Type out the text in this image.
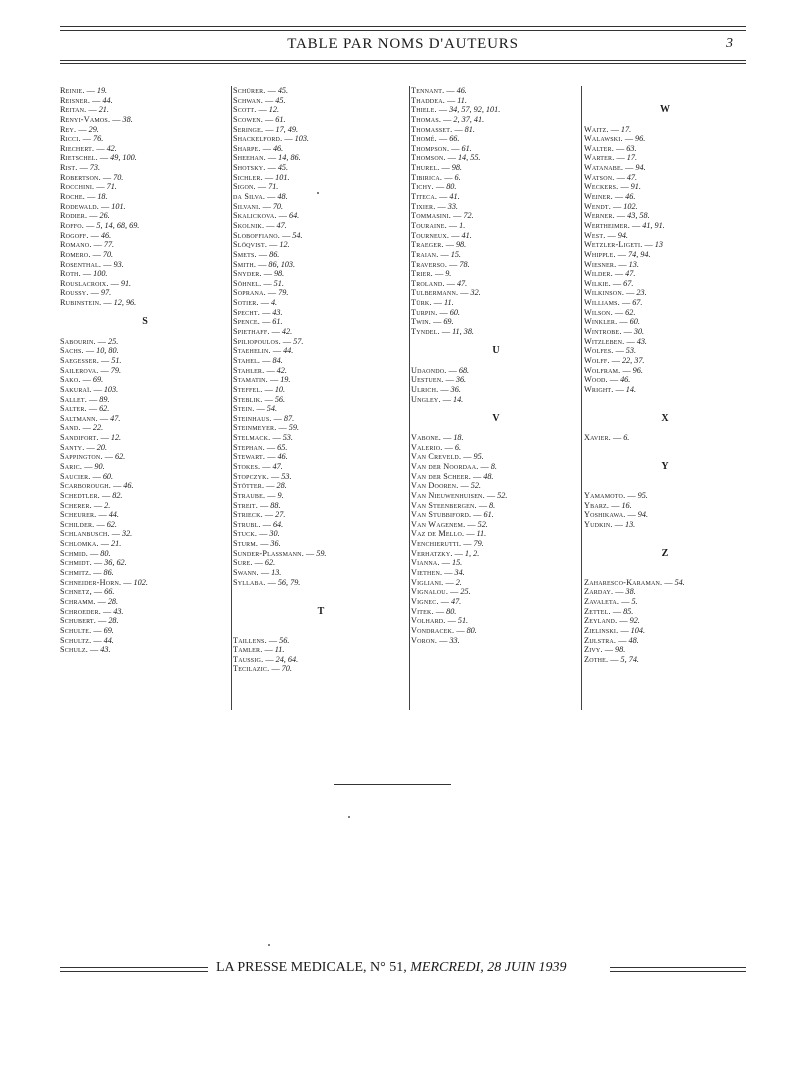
TABLE PAR NOMS D'AUTEURS	3
Reinie. — 19.
Reisner. — 44.
Reitan. — 21.
Renyi-Vamos. — 38.
Rey. — 29.
Ricci. — 76.
Riechert. — 42.
Rietschel. — 49, 100.
Rist. — 73.
Robertson. — 70.
Rocchini. — 71.
Roche. — 18.
Rodewald. — 101.
Rodier. — 26.
Roffo. — 5, 14, 68, 69.
Rogoff. — 46.
Romano. — 77.
Romero. — 70.
Rosenthal. — 93.
Roth. — 100.
Rouslacroix. — 91.
Roussy. — 97.
Rubinstein. — 12, 96.
S
Sabourin. — 25.
Sachs. — 10, 80.
Saegesser. — 51.
Sailerova. — 79.
Sako. — 69.
Sakuraï. — 103.
Sallet. — 89.
Salter. — 62.
Saltmann. — 47.
Sand. — 22.
Sandifort. — 12.
Santy. — 20.
Sappington. — 62.
Saric. — 90.
Saucier. — 60.
Scarborough. — 46.
Schedtler. — 82.
Scherer. — 2.
Scheurer. — 44.
Schilder. — 62.
Schlanbusch. — 32.
Schlomka. — 21.
Schmid. — 80.
Schmidt. — 36, 62.
Schmitz. — 86.
Schneider-Horn. — 102.
Schnetz, — 66.
Schramm. — 28.
Schroeder. — 43.
Schubert. — 28.
Schulte. — 69.
Schultz. — 44.
Schulz. — 43.
Schürer. — 45.
Schwan. — 45.
Scott. — 12.
Scowen. — 61.
Seringe. — 17, 49.
Shackelford. — 103.
Sharpe. — 46.
Sheehan. — 14, 86.
Shotsky. — 45.
Sichler. — 101.
Sigon. — 71.
da Silva. — 48.
Silvani. — 70.
Skalickova. — 64.
Skolnik. — 47.
Sloboffiano. — 54.
Slöqvist. — 12.
Smets. — 86.
Smith. — 86, 103.
Snyder. — 98.
Söhnel. — 51.
Soprana. — 79.
Sotier. — 4.
Specht. — 43.
Spence. — 61.
Spiethaff. — 42.
Spiliopoulos. — 57.
Staehelin. — 44.
Stahel. — 84.
Stahler. — 42.
Stamatin. — 19.
Steffel. — 10.
Steblik. — 56.
Stein. — 54.
Steinhaus. — 87.
Steinmeyer. — 59.
Stelmack. — 53.
Stephan. — 65.
Stewart. — 46.
Stokes. — 47.
Stopczyk. — 53.
Stötter. — 28.
Straube. — 9.
Streit. — 88.
Strieck. — 27.
Strubl. — 64.
Stuck. — 30.
Sturm. — 36.
Sunder-Plassmann. — 59.
Sure. — 62.
Swann. — 13.
Syllaba. — 56, 79.
T
Taillens. — 56.
Tamler. — 11.
Taussig. — 24, 64.
Tecilazic. — 70.
Tennant. — 46.
Thaddea. — 11.
Thiele. — 34, 57, 92, 101.
Thomas. — 2, 37, 41.
Thomasset. — 81.
Thomé. — 66.
Thompson. — 61.
Thomson. — 14, 55.
Thurel. — 98.
Tibirica. — 6.
Tichy. — 80.
Titeca. — 41.
Tixier. — 33.
Tommasini. — 72.
Touraine. — 1.
Tourneux. — 41.
Traeger. — 98.
Traian. — 15.
Traverso. — 78.
Trier. — 9.
Troland. — 47.
Tulbermann. — 32.
Türk. — 11.
Turpin. — 60.
Twin. — 69.
Tyndel. — 11, 38.
U
Udaondo. — 68.
Uestuen. — 36.
Ulrich. — 36.
Ungley. — 14.
V
Vabone. — 18.
Valerio. — 6.
Van Creveld. — 95.
Van der Noordaa. — 8.
Van der Scheer. — 48.
Van Dooren. — 52.
Van Nieuwenhuisen. — 52.
Van Steenbergen. — 8.
Van Stubbiford. — 61.
Van Wagenem. — 52.
Vaz de Mello. — 11.
Venchierutti. — 79.
Verhatzky. — 1, 2.
Vianna. — 15.
Viethen. — 34.
Vigliani. — 2.
Vignalou. — 25.
Vignec. — 47.
Vitek. — 80.
Volhard. — 51.
Vondracek. — 80.
Voron. — 33.
W
Waitz. — 17.
Walawski. — 96.
Walter. — 63.
Warter. — 17.
Watanabe. — 94.
Watson. — 47.
Weckers. — 91.
Weiner. — 46.
Wendt. — 102.
Werner. — 43, 58.
Wertheimer. — 41, 91.
West. — 94.
Wetzler-Ligeti. — 13
Whipple. — 74, 94.
Wiesner. — 13.
Wilder. — 47.
Wilkie. — 67.
Wilkinson. — 23.
Williams. — 67.
Wilson. — 62.
Winkler. — 60.
Wintrobe. — 30.
Witzleben. — 43.
Wolfes. — 53.
Wolff. — 22, 37.
Wolfram. — 96.
Wood. — 46.
Wright. — 14.
X
Xavier. — 6.
Y
Yamamoto. — 95.
Ybarz. — 16.
Yoshikawa. — 94.
Yudkin. — 13.
Z
Zaharesco-Karaman. — 54.
Zarday. — 38.
Zavaleta. — 5.
Zettel. — 85.
Zeyland. — 92.
Zielinski. — 104.
Zijlstra. — 48.
Zivy. — 98.
Zothe. — 5, 74.
LA PRESSE MEDICALE, N° 51, MERCREDI, 28 JUIN 1939
